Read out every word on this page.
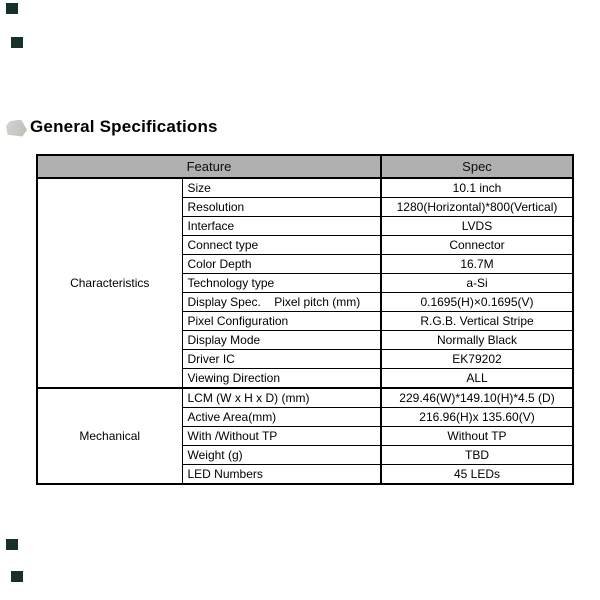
General Specifications
Feature		Spec
Characteristics	Size	10.1 inch
	Resolution	1280(Horizontal)*800(Vertical)
	Interface	LVDS
	Connect type	Connector
	Color Depth	16.7M
	Technology type	a-Si
	Display Spec.    Pixel pitch (mm)	0.1695(H)×0.1695(V)
	Pixel Configuration	R.G.B. Vertical Stripe
	Display Mode	Normally Black
	Driver IC	EK79202
	Viewing Direction	ALL
Mechanical	LCM (W x H x D) (mm)	229.46(W)*149.10(H)*4.5 (D)
	Active Area(mm)	216.96(H)x 135.60(V)
	With /Without TP	Without TP
	Weight (g)	TBD
	LED Numbers	45 LEDs
